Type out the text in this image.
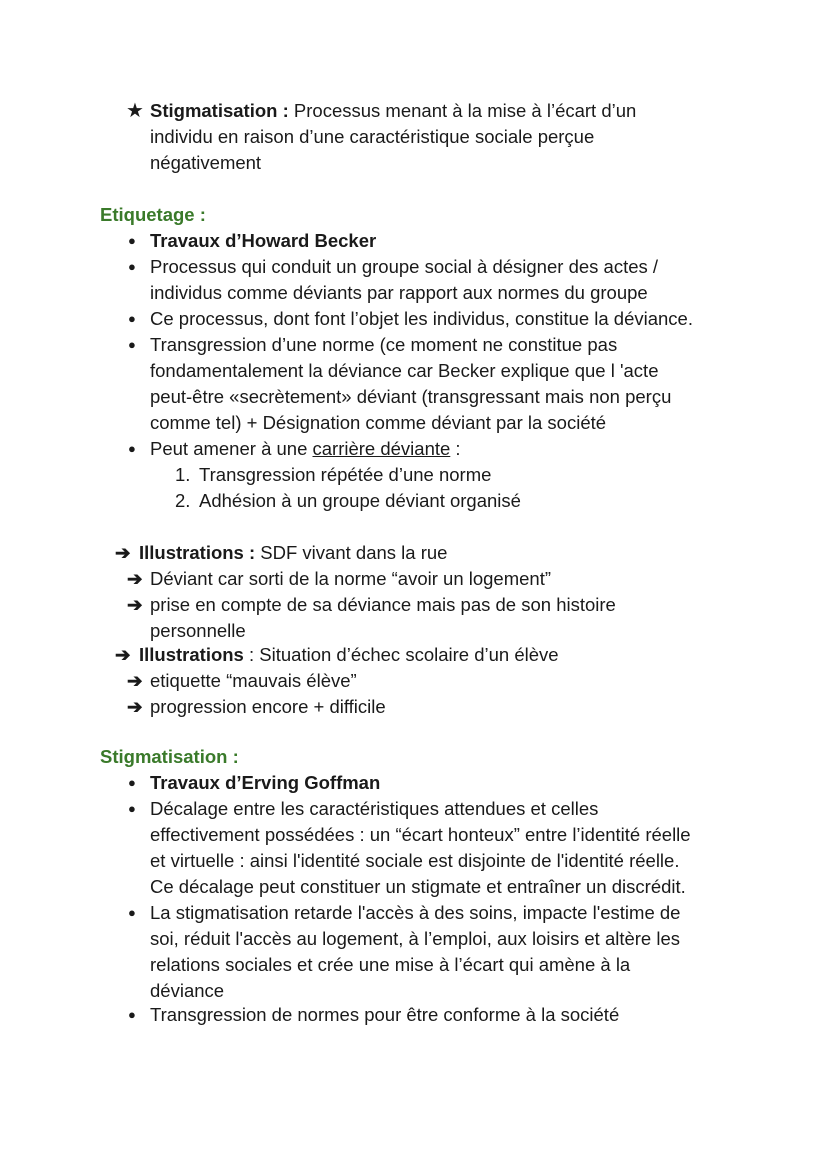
★ Stigmatisation : Processus menant à la mise à l’écart d’un
individu en raison d’une caractéristique sociale perçue
négativement
Etiquetage :
● Travaux d’Howard Becker
● Processus qui conduit un groupe social à désigner des actes /
individus comme déviants par rapport aux normes du groupe
● Ce processus, dont font l’objet les individus, constitue la déviance.
● Transgression d’une norme (ce moment ne constitue pas
fondamentalement la déviance car Becker explique que l 'acte
peut-être «secrètement» déviant (transgressant mais non perçu
comme tel) + Désignation comme déviant par la société
● Peut amener à une carrière déviante :
1. Transgression répétée d’une norme
2. Adhésion à un groupe déviant organisé
➔ Illustrations : SDF vivant dans la rue
➔ Déviant car sorti de la norme “avoir un logement”
➔ prise en compte de sa déviance mais pas de son histoire
personnelle
➔ Illustrations : Situation d’échec scolaire d’un élève
➔ etiquette “mauvais élève”
➔ progression encore + difficile
Stigmatisation :
● Travaux d’Erving Goffman
● Décalage entre les caractéristiques attendues et celles
effectivement possédées : un “écart honteux” entre l’identité réelle
et virtuelle : ainsi l'identité sociale est disjointe de l'identité réelle.
Ce décalage peut constituer un stigmate et entraîner un discrédit.
● La stigmatisation retarde l'accès à des soins, impacte l'estime de
soi, réduit l'accès au logement, à l’emploi, aux loisirs et altère les
relations sociales et crée une mise à l’écart qui amène à la
déviance
● Transgression de normes pour être conforme à la société
